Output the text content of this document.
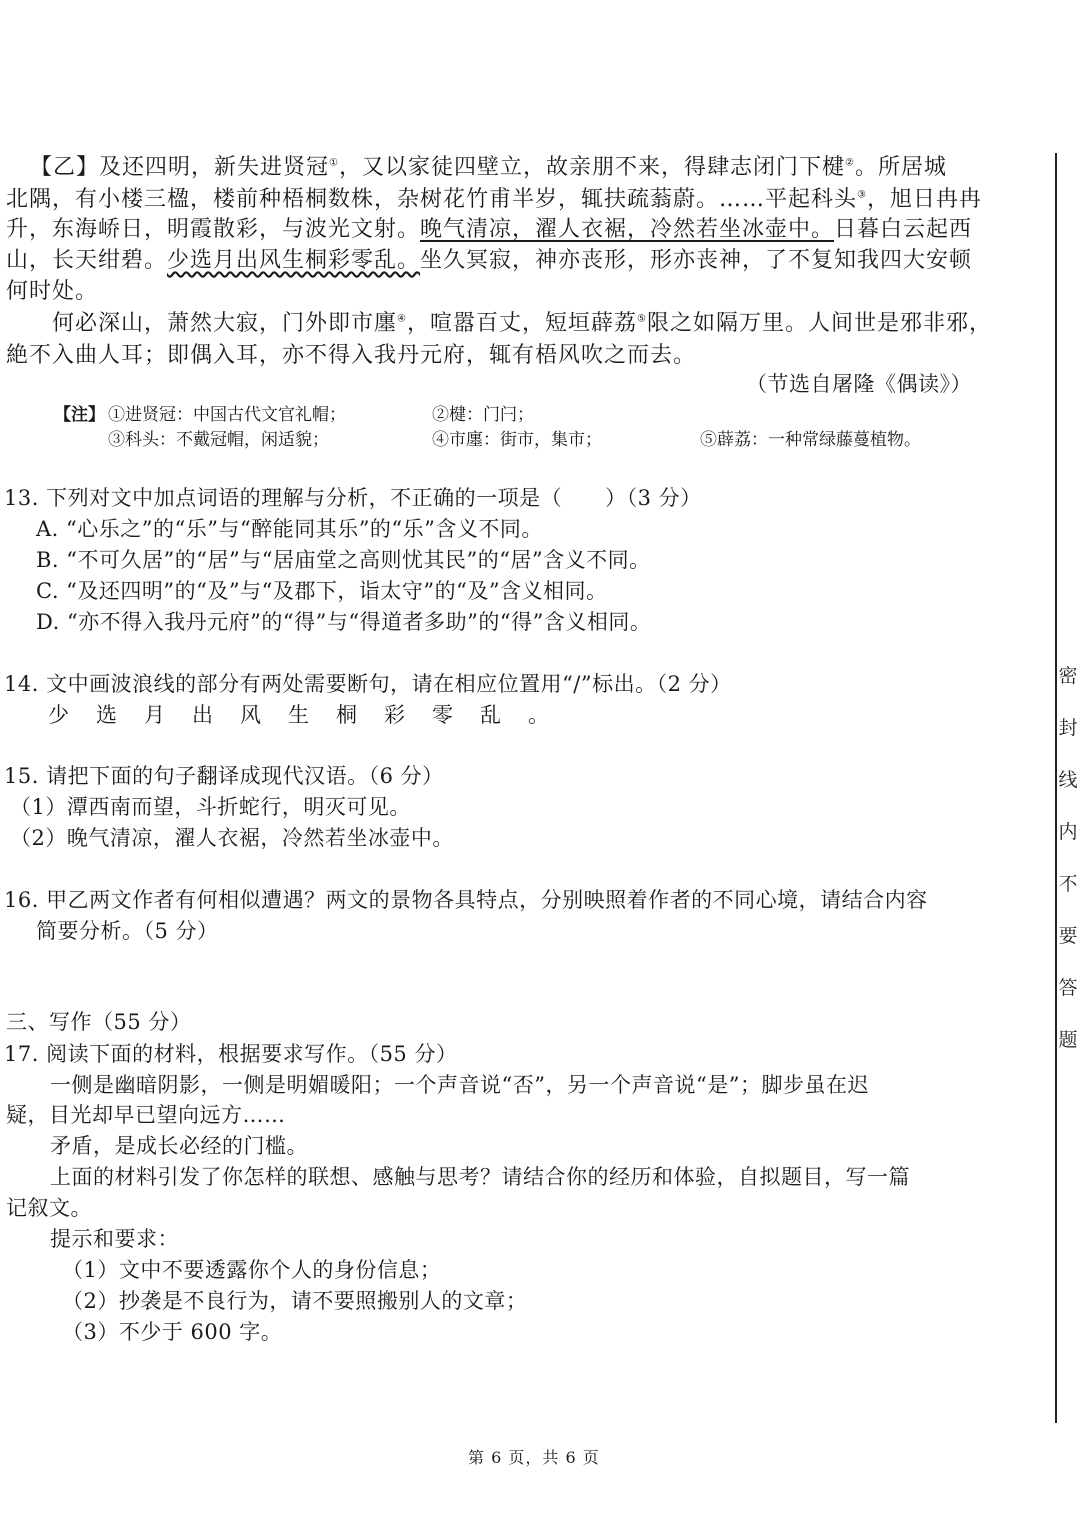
【乙】及还四明，新失进贤冠①，又以家徒四壁立，故亲朋不来，得肆志闭门下楗②。所居城
北隅，有小楼三楹，楼前种梧桐数株，杂树花竹甫半岁，辄扶疏蓊蔚。……平起科头③，旭日冉冉
升，东海峤日，明霞散彩，与波光文射。晚气清凉，濯人衣裾，冷然若坐冰壶中。日暮白云起西
山，长天绀碧。少选月出风生桐彩零乱。坐久冥寂，神亦丧形，形亦丧神，了不复知我四大安顿
何时处。
何必深山，萧然大寂，门外即市廛④，喧嚣百丈，短垣薜荔⑤限之如隔万里。人间世是邪非邪，
絶不入曲人耳；即偶入耳，亦不得入我丹元府，辄有梧风吹之而去。
（节选自屠隆《偶读》）
【注】 ①进贤冠：中国古代文官礼帽；	②楗：门闩；
③科头：不戴冠帽，闲适貌；	④市廛：街市，集市；	⑤薜荔：一种常绿藤蔓植物。
13. 下列对文中加点词语的理解与分析，不正确的一项是（　　）（3 分）
A. “心乐之”的“乐”与“醉能同其乐”的“乐”含义不同。
B. “不可久居”的“居”与“居庙堂之高则忧其民”的“居”含义不同。
C. “及还四明”的“及”与“及郡下，诣太守”的“及”含义相同。
D. “亦不得入我丹元府”的“得”与“得道者多助”的“得”含义相同。
14. 文中画波浪线的部分有两处需要断句，请在相应位置用“/”标出。（2 分）
少选月出风生桐彩零乱。
15. 请把下面的句子翻译成现代汉语。（6 分）
（1）潭西南而望，斗折蛇行，明灭可见。
（2）晚气清凉，濯人衣裾，冷然若坐冰壶中。
16. 甲乙两文作者有何相似遭遇？两文的景物各具特点，分别映照着作者的不同心境，请结合内容
简要分析。（5 分）
三、写作（55 分）
17. 阅读下面的材料，根据要求写作。（55 分）
一侧是幽暗阴影，一侧是明媚暖阳；一个声音说“否”，另一个声音说“是”；脚步虽在迟
疑，目光却早已望向远方……
矛盾，是成长必经的门槛。
上面的材料引发了你怎样的联想、感触与思考？请结合你的经历和体验，自拟题目，写一篇
记叙文。
提示和要求：
（1）文中不要透露你个人的身份信息；
（2）抄袭是不良行为，请不要照搬别人的文章；
（3）不少于 600 字。
密
封
线
内
不
要
答
题
第 6 页，共 6 页
